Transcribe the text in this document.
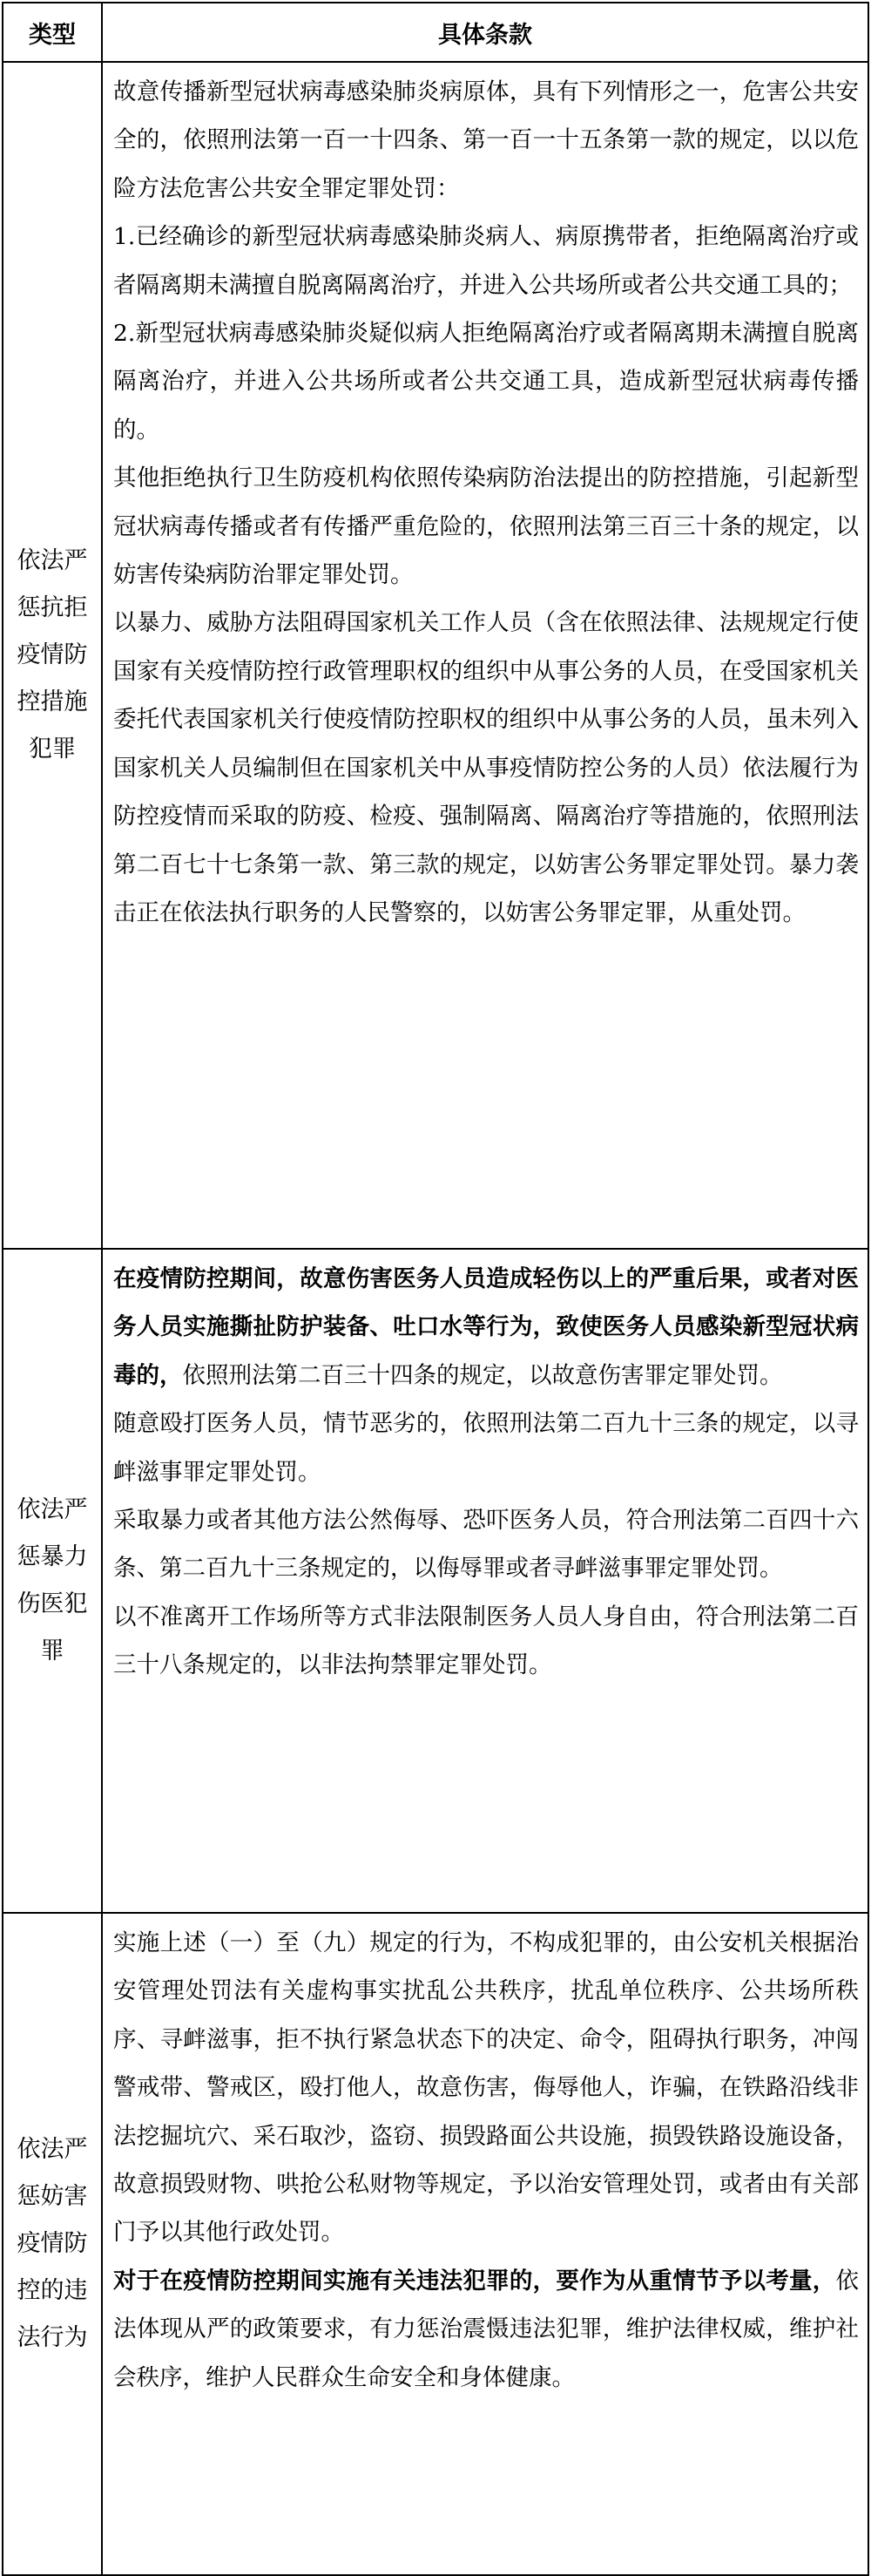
类型	具体条款
依法严惩抗拒疫情防控措施犯罪	故意传播新型冠状病毒感染肺炎病原体，具有下列情形之一，危害公共安全的，依照刑法第一百一十四条、第一百一十五条第一款的规定，以以危险方法危害公共安全罪定罪处罚：

1.已经确诊的新型冠状病毒感染肺炎病人、病原携带者，拒绝隔离治疗或者隔离期未满擅自脱离隔离治疗，并进入公共场所或者公共交通工具的；

2.新型冠状病毒感染肺炎疑似病人拒绝隔离治疗或者隔离期未满擅自脱离隔离治疗，并进入公共场所或者公共交通工具，造成新型冠状病毒传播的。

其他拒绝执行卫生防疫机构依照传染病防治法提出的防控措施，引起新型冠状病毒传播或者有传播严重危险的，依照刑法第三百三十条的规定，以妨害传染病防治罪定罪处罚。

以暴力、威胁方法阻碍国家机关工作人员（含在依照法律、法规规定行使国家有关疫情防控行政管理职权的组织中从事公务的人员，在受国家机关委托代表国家机关行使疫情防控职权的组织中从事公务的人员，虽未列入国家机关人员编制但在国家机关中从事疫情防控公务的人员）依法履行为防控疫情而采取的防疫、检疫、强制隔离、隔离治疗等措施的，依照刑法第二百七十七条第一款、第三款的规定，以妨害公务罪定罪处罚。暴力袭击正在依法执行职务的人民警察的，以妨害公务罪定罪，从重处罚。

依法严惩暴力伤医犯罪	在疫情防控期间，故意伤害医务人员造成轻伤以上的严重后果，或者对医务人员实施撕扯防护装备、吐口水等行为，致使医务人员感染新型冠状病毒的，依照刑法第二百三十四条的规定，以故意伤害罪定罪处罚。

随意殴打医务人员，情节恶劣的，依照刑法第二百九十三条的规定，以寻衅滋事罪定罪处罚。

采取暴力或者其他方法公然侮辱、恐吓医务人员，符合刑法第二百四十六条、第二百九十三条规定的，以侮辱罪或者寻衅滋事罪定罪处罚。

以不准离开工作场所等方式非法限制医务人员人身自由，符合刑法第二百三十八条规定的，以非法拘禁罪定罪处罚。

依法严惩妨害疫情防控的违法行为	实施上述（一）至（九）规定的行为，不构成犯罪的，由公安机关根据治安管理处罚法有关虚构事实扰乱公共秩序，扰乱单位秩序、公共场所秩序、寻衅滋事，拒不执行紧急状态下的决定、命令，阻碍执行职务，冲闯警戒带、警戒区，殴打他人，故意伤害，侮辱他人，诈骗，在铁路沿线非法挖掘坑穴、采石取沙，盗窃、损毁路面公共设施，损毁铁路设施设备，故意损毁财物、哄抢公私财物等规定，予以治安管理处罚，或者由有关部门予以其他行政处罚。

对于在疫情防控期间实施有关违法犯罪的，要作为从重情节予以考量，依法体现从严的政策要求，有力惩治震慑违法犯罪，维护法律权威，维护社会秩序，维护人民群众生命安全和身体健康。
